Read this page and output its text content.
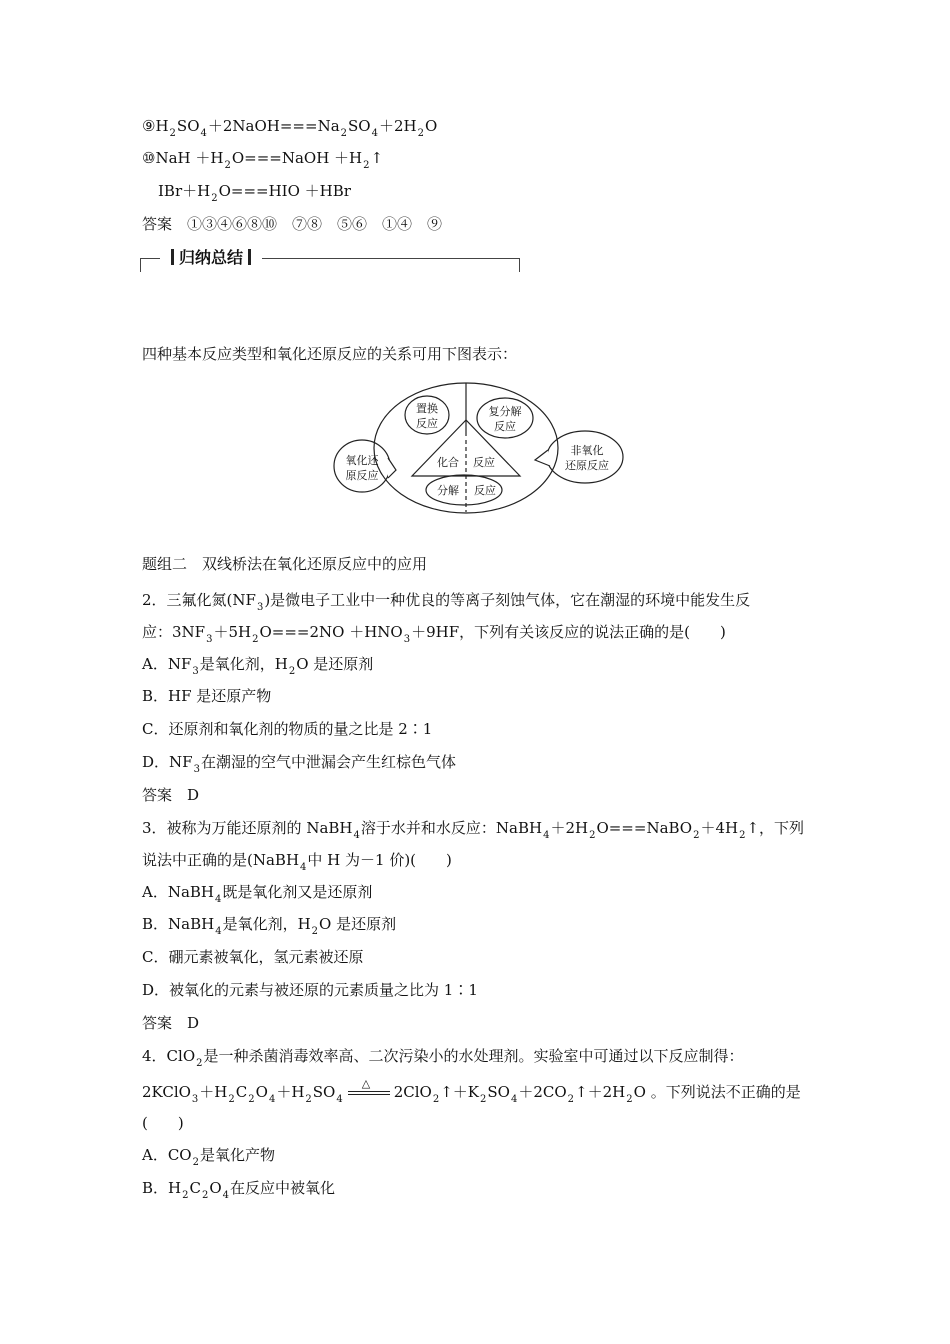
$⑨H_2SO_4+2NaOH===Na_2SO_4+2H_2O$
⑩NaH $+H_2O===NaOH$ $+H_2↑$
$IBr+H_2O===HIO +HBr$
答案　①③④⑥⑧⑩　⑦⑧　⑤⑥　①④　⑨
归纳总结
四种基本反应类型和氧化还原反应的关系可用下图表示：
置换
反应
复分解
反应
化合 反应
分解 反应
氧化还
原反应
非氧化
还原反应
题组二　双线桥法在氧化还原反应中的应用
2．三氟化氮$(NF_3)$是微电子工业中一种优良的等离子刻蚀气体，它在潮湿的环境中能发生反
应：$3NF_3+5H_2O===2NO +HNO_3+9HF$，下列有关该反应的说法正确的是(　　)
A．$NF_3$是氧化剂，$H_2O$ 是还原剂
B．HF 是还原产物
C．还原剂和氧化剂的物质的量之比是 2∶1
D．$NF_3$在潮湿的空气中泄漏会产生红棕色气体
答案　D
3．被称为万能还原剂的 NaBH$_4$溶于水并和水反应：$NaBH_4+2H_2O===NaBO_2+4H_2↑$，下列
说法中正确的是(NaBH$_4$中 H 为－1 价)(　　)
A．NaBH$_4$既是氧化剂又是还原剂
B．NaBH$_4$是氧化剂，$H_2O$ 是还原剂
C．硼元素被氧化，氢元素被还原
D．被氧化的元素与被还原的元素质量之比为 1∶1
答案　D
4．ClO$_2$是一种杀菌消毒效率高、二次污染小的水处理剂。实验室中可通过以下反应制得：
$2KClO_3+H_2C_2O_4+H_2SO_4$
△ $2ClO_2↑+K_2SO_4+2CO_2↑+2H_2O$ 。下列说法不正确的是
(　　)
A．$CO_2$是氧化产物
B．$H_2C_2O_4$在反应中被氧化
